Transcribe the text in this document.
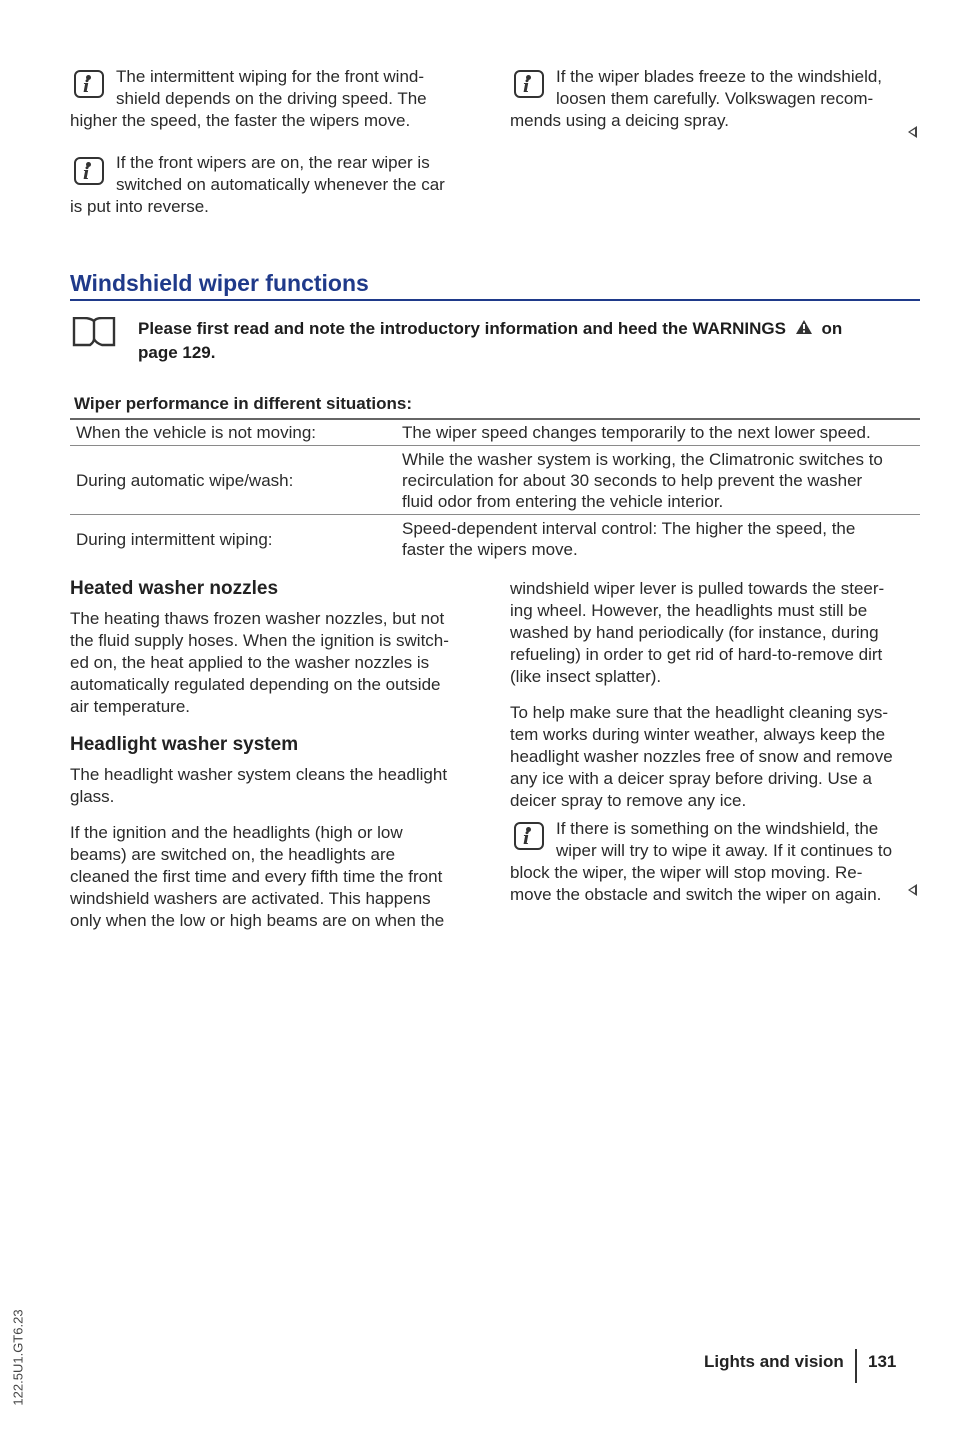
i
The intermittent wiping for the front wind-
shield depends on the driving speed. The
higher the speed, the faster the wipers move.
i
If the front wipers are on, the rear wiper is
switched on automatically whenever the car
is put into reverse.
i
If the wiper blades freeze to the windshield,
loosen them carefully. Volkswagen recom-
mends using a deicing spray.
Windshield wiper functions
Please first read and note the introductory information and heed the WARNINGS on
page 129.
Wiper performance in different situations:
When the vehicle is not moving:	The wiper speed changes temporarily to the next lower speed.
During automatic wipe/wash:
While the washer system is working, the Climatronic switches to
recirculation for about 30 seconds to help prevent the washer
fluid odor from entering the vehicle interior.
During intermittent wiping:
Speed-dependent interval control: The higher the speed, the
faster the wipers move.
Heated washer nozzles
The heating thaws frozen washer nozzles, but not
the fluid supply hoses. When the ignition is switch-
ed on, the heat applied to the washer nozzles is
automatically regulated depending on the outside
air temperature.
Headlight washer system
The headlight washer system cleans the headlight
glass.
If the ignition and the headlights (high or low
beams) are switched on, the headlights are
cleaned the first time and every fifth time the front
windshield washers are activated. This happens
only when the low or high beams are on when the
windshield wiper lever is pulled towards the steer-
ing wheel. However, the headlights must still be
washed by hand periodically (for instance, during
refueling) in order to get rid of hard-to-remove dirt
(like insect splatter).
To help make sure that the headlight cleaning sys-
tem works during winter weather, always keep the
headlight washer nozzles free of snow and remove
any ice with a deicer spray before driving. Use a
deicer spray to remove any ice.
i
If there is something on the windshield, the
wiper will try to wipe it away. If it continues to
block the wiper, the wiper will stop moving. Re-
move the obstacle and switch the wiper on again.
Lights and vision 131
122.5U1.GT6.23
